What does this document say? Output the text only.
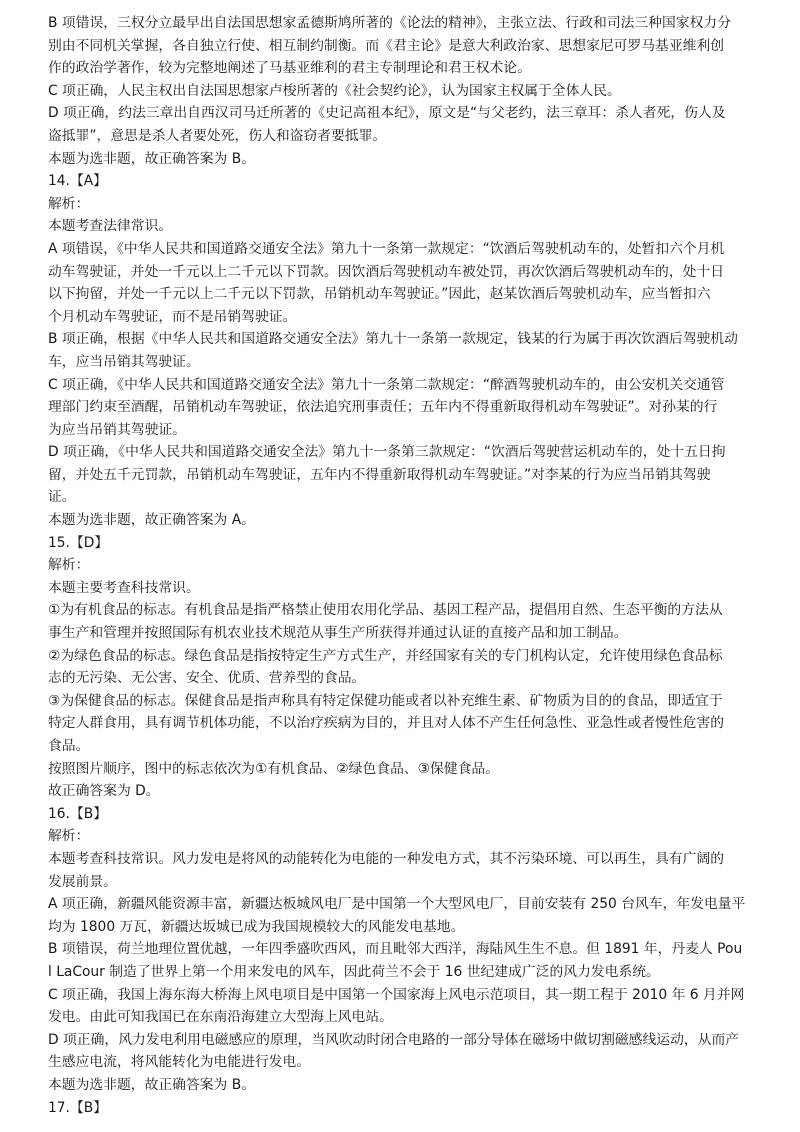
B 项错误，三权分立最早出自法国思想家孟德斯鸠所著的《论法的精神》，主张立法、行政和司法三种国家权力分
别由不同机关掌握，各自独立行使、相互制约制衡。而《君主论》是意大利政治家、思想家尼可罗马基亚维利创
作的政治学著作，较为完整地阐述了马基亚维利的君主专制理论和君王权术论。
C 项正确，人民主权出自法国思想家卢梭所著的《社会契约论》，认为国家主权属于全体人民。
D 项正确，约法三章出自西汉司马迁所著的《史记高祖本纪》，原文是“与父老约，法三章耳：杀人者死，伤人及
盗抵罪”，意思是杀人者要处死，伤人和盗窃者要抵罪。
本题为选非题，故正确答案为 B。
14.【A】
解析：
本题考查法律常识。
A 项错误，《中华人民共和国道路交通安全法》第九十一条第一款规定：“饮酒后驾驶机动车的，处暂扣六个月机
动车驾驶证，并处一千元以上二千元以下罚款。因饮酒后驾驶机动车被处罚，再次饮酒后驾驶机动车的，处十日
以下拘留，并处一千元以上二千元以下罚款，吊销机动车驾驶证。”因此，赵某饮酒后驾驶机动车，应当暂扣六
个月机动车驾驶证，而不是吊销驾驶证。
B 项正确，根据《中华人民共和国道路交通安全法》第九十一条第一款规定，钱某的行为属于再次饮酒后驾驶机动
车，应当吊销其驾驶证。
C 项正确，《中华人民共和国道路交通安全法》第九十一条第二款规定：“醉酒驾驶机动车的，由公安机关交通管
理部门约束至酒醒，吊销机动车驾驶证，依法追究刑事责任；五年内不得重新取得机动车驾驶证”。对孙某的行
为应当吊销其驾驶证。
D 项正确，《中华人民共和国道路交通安全法》第九十一条第三款规定：“饮酒后驾驶营运机动车的，处十五日拘
留，并处五千元罚款，吊销机动车驾驶证，五年内不得重新取得机动车驾驶证。”对李某的行为应当吊销其驾驶
证。
本题为选非题，故正确答案为 A。
15.【D】
解析：
本题主要考查科技常识。
①为有机食品的标志。有机食品是指严格禁止使用农用化学品、基因工程产品，提倡用自然、生态平衡的方法从
事生产和管理并按照国际有机农业技术规范从事生产所获得并通过认证的直接产品和加工制品。
②为绿色食品的标志。绿色食品是指按特定生产方式生产，并经国家有关的专门机构认定，允许使用绿色食品标
志的无污染、无公害、安全、优质、营养型的食品。
③为保健食品的标志。保健食品是指声称具有特定保健功能或者以补充维生素、矿物质为目的的食品，即适宜于
特定人群食用，具有调节机体功能，不以治疗疾病为目的，并且对人体不产生任何急性、亚急性或者慢性危害的
食品。
按照图片顺序，图中的标志依次为①有机食品、②绿色食品、③保健食品。
故正确答案为 D。
16.【B】
解析：
本题考查科技常识。风力发电是将风的动能转化为电能的一种发电方式，其不污染环境、可以再生，具有广阔的
发展前景。
A 项正确，新疆风能资源丰富，新疆达板城风电厂是中国第一个大型风电厂，目前安装有 250 台风车，年发电量平
均为 1800 万瓦，新疆达坂城已成为我国规模较大的风能发电基地。
B 项错误，荷兰地理位置优越，一年四季盛吹西风，而且毗邻大西洋，海陆风生生不息。但 1891 年，丹麦人 Pou
l LaCour 制造了世界上第一个用来发电的风车，因此荷兰不会于 16 世纪建成广泛的风力发电系统。
C 项正确，我国上海东海大桥海上风电项目是中国第一个国家海上风电示范项目，其一期工程于 2010 年 6 月并网
发电。由此可知我国已在东南沿海建立大型海上风电站。
D 项正确，风力发电利用电磁感应的原理，当风吹动时闭合电路的一部分导体在磁场中做切割磁感线运动，从而产
生感应电流，将风能转化为电能进行发电。
本题为选非题，故正确答案为 B。
17.【B】
